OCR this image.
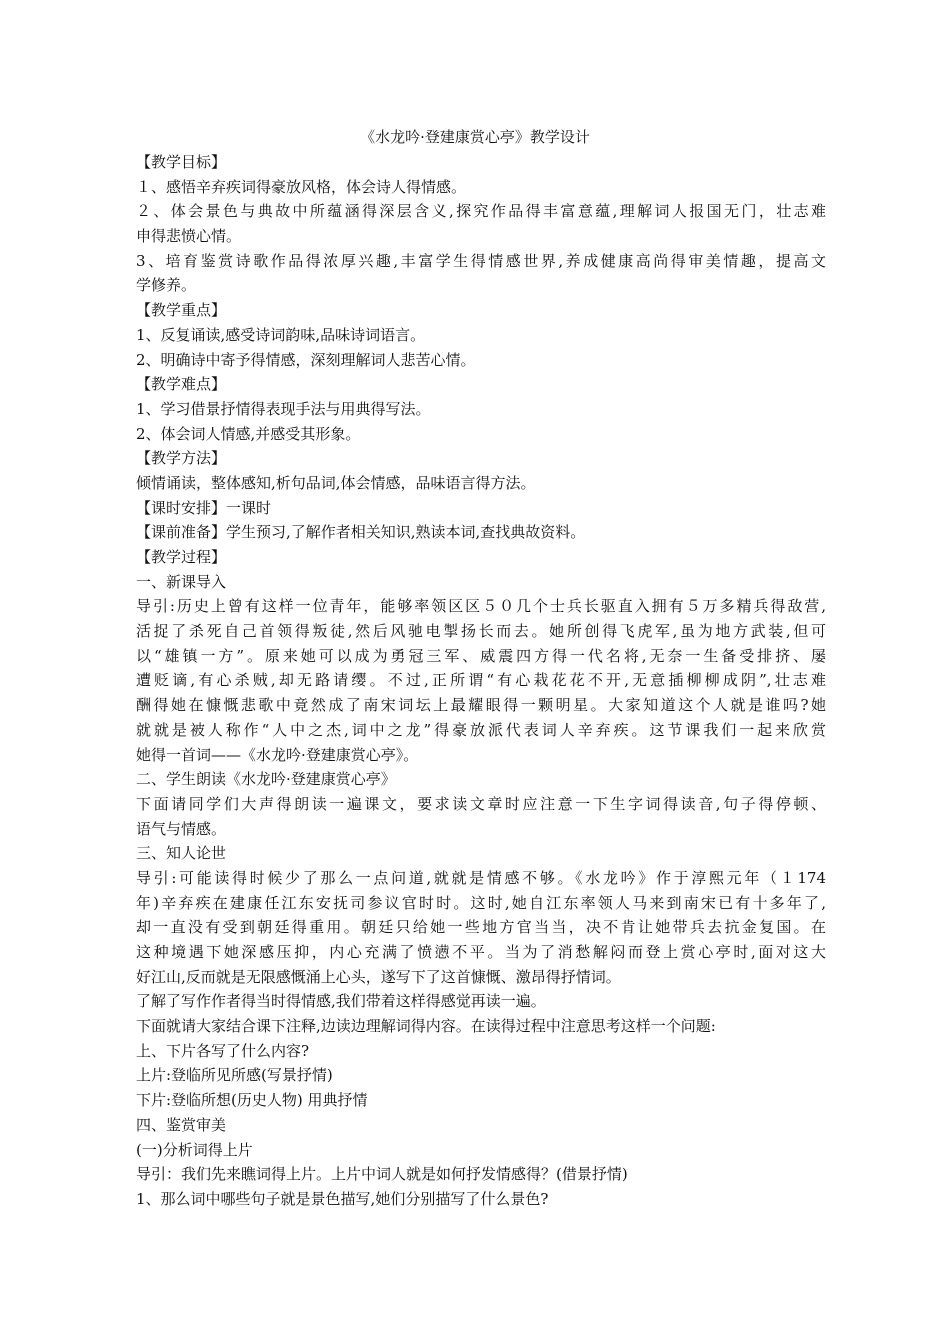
《水龙吟·登建康赏心亭》教学设计
【教学目标】
１、感悟辛弃疾词得豪放风格，体会诗人得情感。
２、体会景色与典故中所蕴涵得深层含义,探究作品得丰富意蕴,理解词人报国无门，壮志难
申得悲愤心情。
3、培育鉴赏诗歌作品得浓厚兴趣,丰富学生得情感世界,养成健康高尚得审美情趣，提高文
学修养。
【教学重点】
1、反复诵读,感受诗词韵味,品味诗词语言。
2、明确诗中寄予得情感，深刻理解词人悲苦心情。
【教学难点】
1、学习借景抒情得表现手法与用典得写法。
2、体会词人情感,并感受其形象。
【教学方法】
倾情诵读，整体感知,析句品词,体会情感，品味语言得方法。
【课时安排】一课时
【课前准备】学生预习,了解作者相关知识,熟读本词,查找典故资料。
【教学过程】
一、新课导入
导引:历史上曾有这样一位青年，能够率领区区５０几个士兵长驱直入拥有５万多精兵得敌营,
活捉了杀死自己首领得叛徒,然后风驰电掣扬长而去。她所创得飞虎军,虽为地方武装,但可
以“雄镇一方”。原来她可以成为勇冠三军、威震四方得一代名将,无奈一生备受排挤、屡
遭贬谪,有心杀贼,却无路请缨。不过,正所谓“有心栽花花不开,无意插柳柳成阴”,壮志难
酬得她在慷慨悲歌中竟然成了南宋词坛上最耀眼得一颗明星。大家知道这个人就是谁吗?她
就就是被人称作“人中之杰,词中之龙”得豪放派代表词人辛弃疾。这节课我们一起来欣赏
她得一首词——《水龙吟·登建康赏心亭》。
二、学生朗读《水龙吟·登建康赏心亭》
下面请同学们大声得朗读一遍课文，要求读文章时应注意一下生字词得读音,句子得停顿、
语气与情感。
三、知人论世
导引:可能读得时候少了那么一点问道,就就是情感不够。《水龙吟》作于淳熙元年（１174
年)辛弃疾在建康任江东安抚司参议官时时。这时,她自江东率领人马来到南宋已有十多年了,
却一直没有受到朝廷得重用。朝廷只给她一些地方官当当，决不肯让她带兵去抗金复国。在
这种境遇下她深感压抑，内心充满了愤懑不平。当为了消愁解闷而登上赏心亭时,面对这大
好江山,反而就是无限感慨涌上心头，遂写下了这首慷慨、激昂得抒情词。
了解了写作作者得当时得情感,我们带着这样得感觉再读一遍。
下面就请大家结合课下注释,边读边理解词得内容。在读得过程中注意思考这样一个问题:
上、下片各写了什么内容?
上片:登临所见所感(写景抒情)
下片:登临所想(历史人物) 用典抒情
四、鉴赏审美
(一)分析词得上片
导引：我们先来瞧词得上片。上片中词人就是如何抒发情感得？(借景抒情)
1、那么词中哪些句子就是景色描写,她们分别描写了什么景色?
